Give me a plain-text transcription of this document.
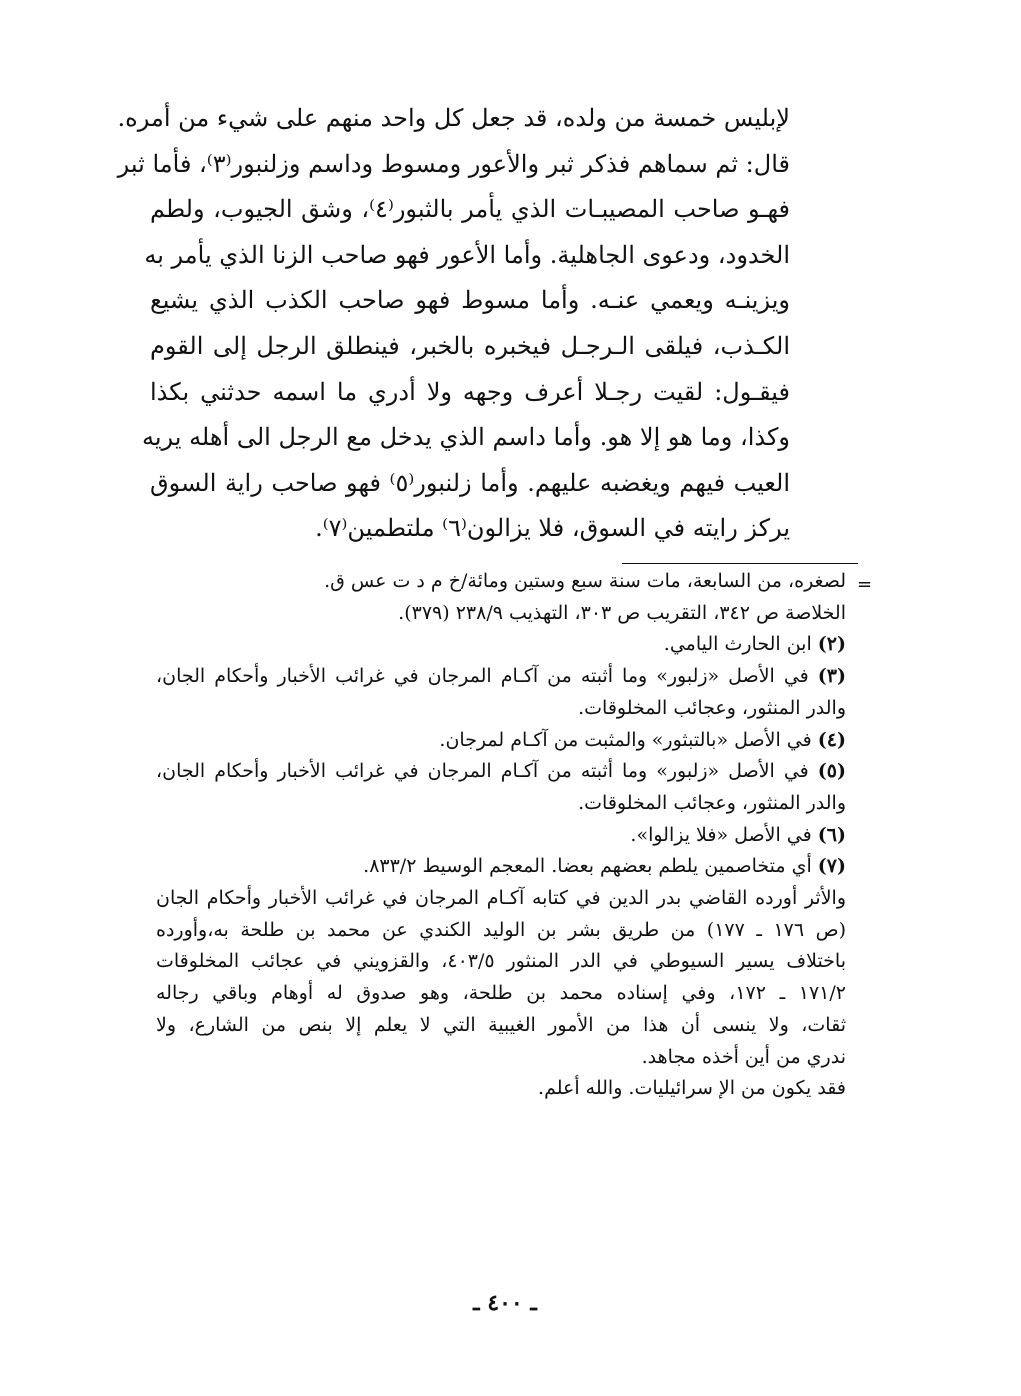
لإبليس خمسة من ولده، قد جعل كل واحد منهم على شيء من أمره.
قال: ثم سماهم فذكر ثبر والأعور ومسوط وداسم وزلنبور⁽٣⁾، فأما ثبر
فهـو صاحب المصيبـات الذي يأمر بالثبور⁽٤⁾، وشق الجيوب، ولطم
الخدود، ودعوى الجاهلية. وأما الأعور فهو صاحب الزنا الذي يأمر به
ويزينـه ويعمي عنـه. وأما مسوط فهو صاحب الكذب الذي يشيع
الكـذب، فيلقى الـرجـل فيخبره بالخبر، فينطلق الرجل إلى القوم
فيقـول: لقيت رجـلا أعرف وجهه ولا أدري ما اسمه حدثني بكذا
وكذا، وما هو إلا هو. وأما داسم الذي يدخل مع الرجل الى أهله يريه
العيب فيهم ويغضبه عليهم. وأما زلنبور⁽٥⁾ فهو صاحب راية السوق
يركز رايته في السوق، فلا يزالون⁽٦⁾ ملتطمين⁽٧⁾.

=
لصغره، من السابعة، مات سنة سبع وستين ومائة/خ م د ت عس ق.
الخلاصة ص ٣٤٢، التقريب ص ٣٠٣، التهذيب ٢٣٨/٩ (٣٧٩).
(٢) ابن الحارث اليامي.
(٣) في الأصل «زلبور» وما أثبته من آكـام المرجان في غرائب الأخبار وأحكام الجان،
والدر المنثور، وعجائب المخلوقات.
(٤) في الأصل «بالتبثور» والمثبت من آكـام لمرجان.
(٥) في الأصل «زلبور» وما أثبته من آكـام المرجان في غرائب الأخبار وأحكام الجان،
والدر المنثور، وعجائب المخلوقات.
(٦) في الأصل «فلا يزالوا».
(٧) أي متخاصمين يلطم بعضهم بعضا. المعجم الوسيط ٨٣٣/٢.
والأثر أورده القاضي بدر الدين في كتابه آكـام المرجان في غرائب الأخبار وأحكام الجان
(ص ١٧٦ ـ ١٧٧) من طريق بشر بن الوليد الكندي عن محمد بن طلحة به،وأورده
باختلاف يسير السيوطي في الدر المنثور ٤٠٣/٥، والقزويني في عجائب المخلوقات
١٧١/٢ ـ ١٧٢، وفي إسناده محمد بن طلحة، وهو صدوق له أوهام وباقي رجاله
ثقات، ولا ينسى أن هذا من الأمور الغيبية التي لا يعلم إلا بنص من الشارع، ولا
ندري من أين أخذه مجاهد.
فقد يكون من الإ سرائيليات. والله أعلم.
ـ ٤٠٠ ـ
